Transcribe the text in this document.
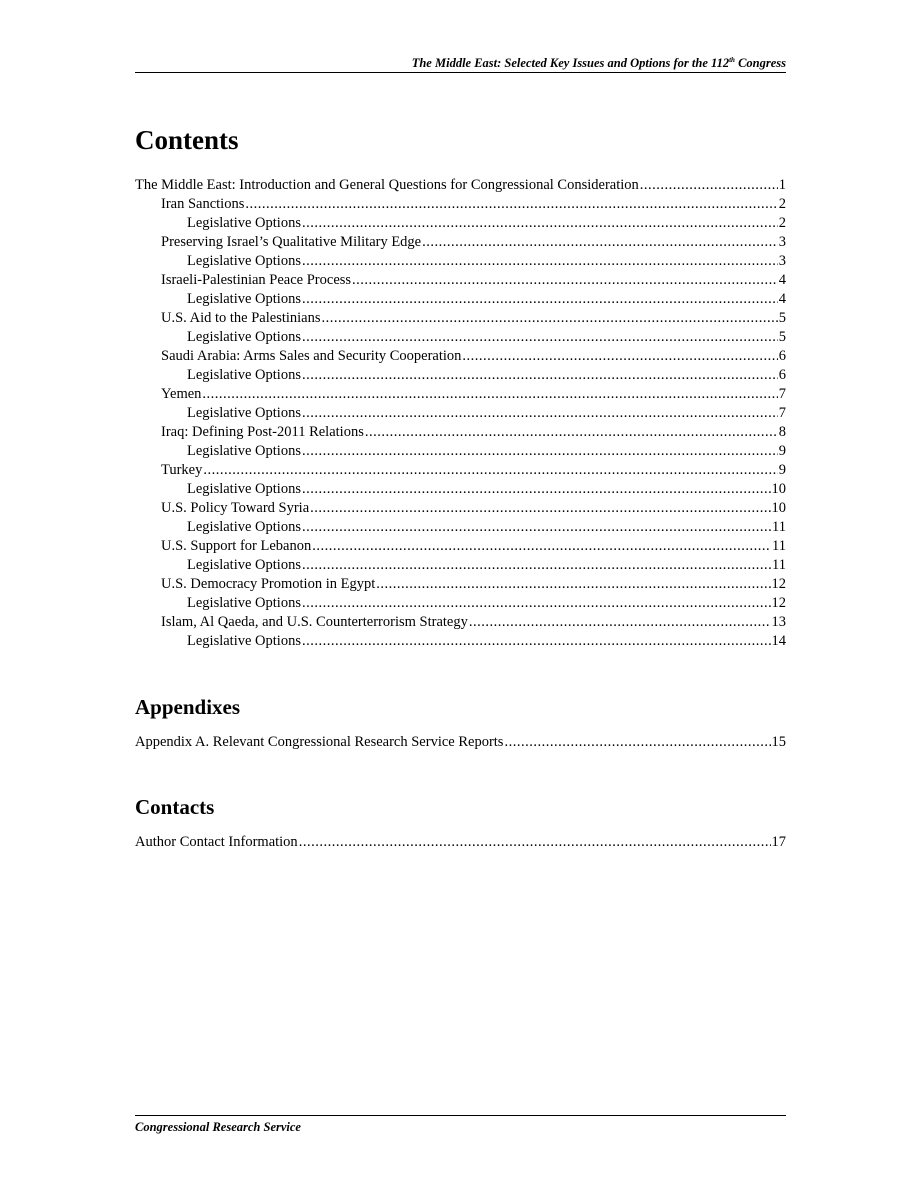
The Middle East: Selected Key Issues and Options for the 112th Congress
Contents
The Middle East: Introduction and General Questions for Congressional Consideration .....	1
Iran Sanctions .....	2
Legislative Options .....	2
Preserving Israel’s Qualitative Military Edge .....	3
Legislative Options .....	3
Israeli-Palestinian Peace Process .....	4
Legislative Options .....	4
U.S. Aid to the Palestinians .....	5
Legislative Options .....	5
Saudi Arabia: Arms Sales and Security Cooperation .....	6
Legislative Options .....	6
Yemen .....	7
Legislative Options .....	7
Iraq: Defining Post-2011 Relations .....	8
Legislative Options .....	9
Turkey .....	9
Legislative Options .....	10
U.S. Policy Toward Syria .....	10
Legislative Options .....	11
U.S. Support for Lebanon .....	11
Legislative Options .....	11
U.S. Democracy Promotion in Egypt .....	12
Legislative Options .....	12
Islam, Al Qaeda, and U.S. Counterterrorism Strategy .....	13
Legislative Options .....	14
Appendixes
Appendix A. Relevant Congressional Research Service Reports .....	15
Contacts
Author Contact Information .....	17
Congressional Research Service
